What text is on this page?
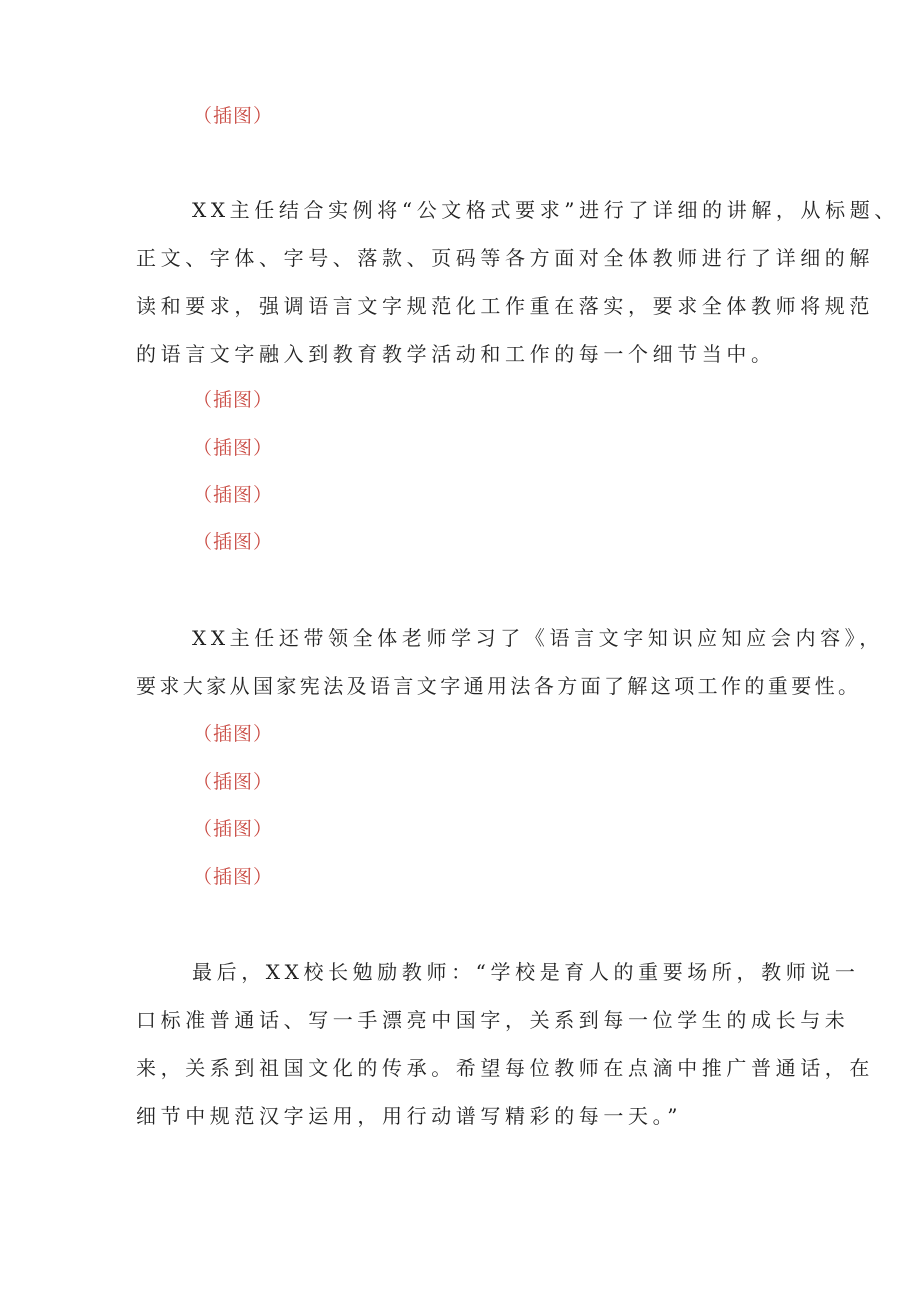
（插图）
XX主任结合实例将“公文格式要求”进行了详细的讲解，从标题、
正文、字体、字号、落款、页码等各方面对全体教师进行了详细的解
读和要求，强调语言文字规范化工作重在落实，要求全体教师将规范
的语言文字融入到教育教学活动和工作的每一个细节当中。
（插图）
（插图）
（插图）
（插图）
XX主任还带领全体老师学习了《语言文字知识应知应会内容》，
要求大家从国家宪法及语言文字通用法各方面了解这项工作的重要性。
（插图）
（插图）
（插图）
（插图）
最后，XX校长勉励教师：“学校是育人的重要场所，教师说一
口标准普通话、写一手漂亮中国字，关系到每一位学生的成长与未
来，关系到祖国文化的传承。希望每位教师在点滴中推广普通话，在
细节中规范汉字运用，用行动谱写精彩的每一天。”
